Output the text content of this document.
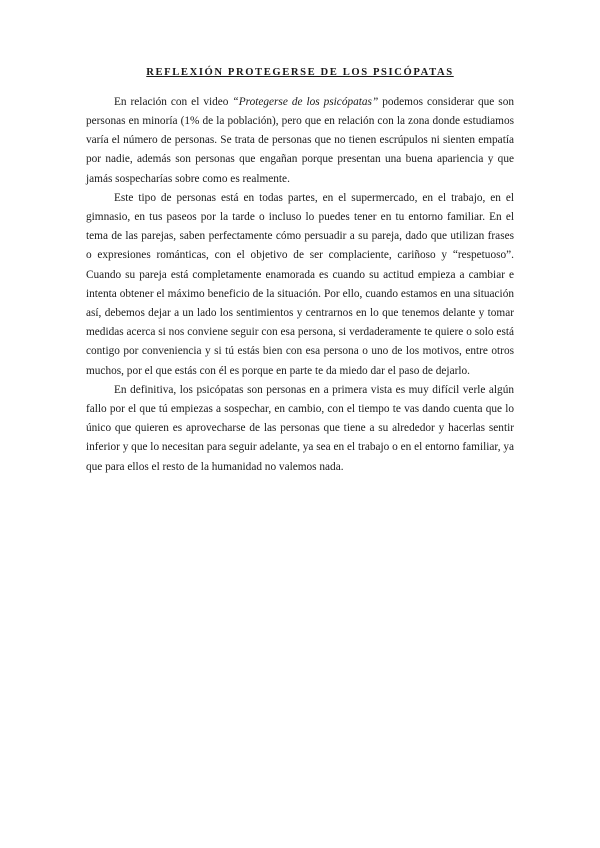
REFLEXIÓN PROTEGERSE DE LOS PSICÓPATAS

En relación con el video “Protegerse de los psicópatas” podemos considerar que son personas en minoría (1% de la población), pero que en relación con la zona donde estudiamos varía el número de personas. Se trata de personas que no tienen escrúpulos ni sienten empatía por nadie, además son personas que engañan porque presentan una buena apariencia y que jamás sospecharías sobre como es realmente.

Este tipo de personas está en todas partes, en el supermercado, en el trabajo, en el gimnasio, en tus paseos por la tarde o incluso lo puedes tener en tu entorno familiar. En el tema de las parejas, saben perfectamente cómo persuadir a su pareja, dado que utilizan frases o expresiones románticas, con el objetivo de ser complaciente, cariñoso y “respetuoso”. Cuando su pareja está completamente enamorada es cuando su actitud empieza a cambiar e intenta obtener el máximo beneficio de la situación. Por ello, cuando estamos en una situación así, debemos dejar a un lado los sentimientos y centrarnos en lo que tenemos delante y tomar medidas acerca si nos conviene seguir con esa persona, si verdaderamente te quiere o solo está contigo por conveniencia y si tú estás bien con esa persona o uno de los motivos, entre otros muchos, por el que estás con él es porque en parte te da miedo dar el paso de dejarlo.

En definitiva, los psicópatas son personas en a primera vista es muy difícil verle algún fallo por el que tú empiezas a sospechar, en cambio, con el tiempo te vas dando cuenta que lo único que quieren es aprovecharse de las personas que tiene a su alrededor y hacerlas sentir inferior y que lo necesitan para seguir adelante, ya sea en el trabajo o en el entorno familiar, ya que para ellos el resto de la humanidad no valemos nada.
